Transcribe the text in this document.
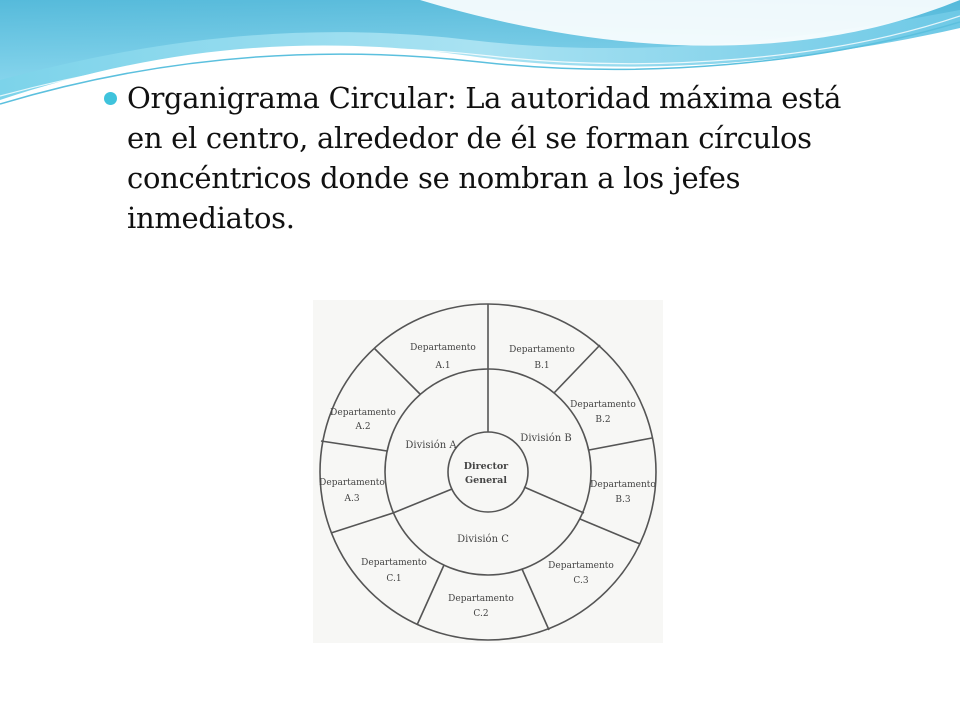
Organigrama Circular: La autoridad máxima está en el centro, alrededor de él se forman círculos concéntricos donde se nombran a los jefes inmediatos.
Director
General
División A
División B
División C
Departamento
A.1
Departamento
B.1
Departamento
B.2
Departamento
B.3
Departamento
C.3
Departamento
C.2
Departamento
C.1
Departamento
A.3
Departamento
A.2
